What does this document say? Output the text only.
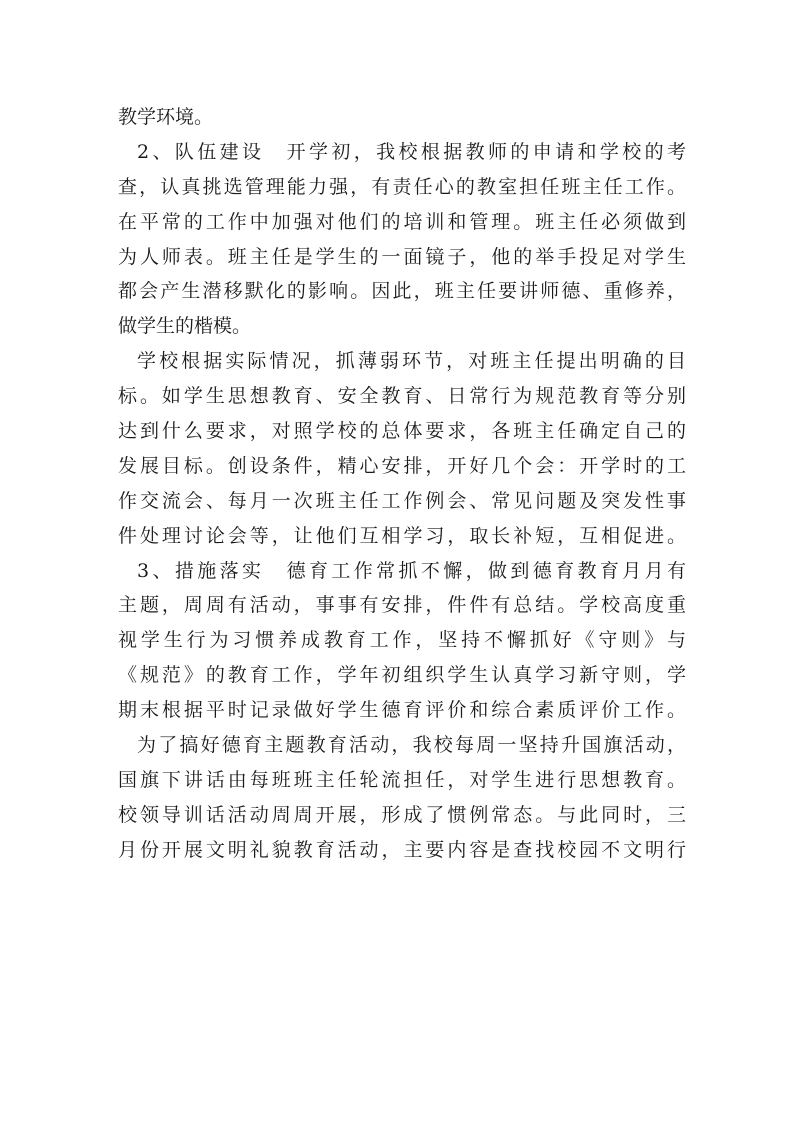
教学环境。
2、队伍建设　开学初，我校根据教师的申请和学校的考
查，认真挑选管理能力强，有责任心的教室担任班主任工作。
在平常的工作中加强对他们的培训和管理。班主任必须做到
为人师表。班主任是学生的一面镜子，他的举手投足对学生
都会产生潜移默化的影响。因此，班主任要讲师德、重修养，
做学生的楷模。
学校根据实际情况，抓薄弱环节，对班主任提出明确的目
标。如学生思想教育、安全教育、日常行为规范教育等分别
达到什么要求，对照学校的总体要求，各班主任确定自己的
发展目标。创设条件，精心安排，开好几个会：开学时的工
作交流会、每月一次班主任工作例会、常见问题及突发性事
件处理讨论会等，让他们互相学习，取长补短，互相促进。
3、措施落实　德育工作常抓不懈，做到德育教育月月有
主题，周周有活动，事事有安排，件件有总结。学校高度重
视学生行为习惯养成教育工作，坚持不懈抓好《守则》与
《规范》的教育工作，学年初组织学生认真学习新守则，学
期末根据平时记录做好学生德育评价和综合素质评价工作。
为了搞好德育主题教育活动，我校每周一坚持升国旗活动，
国旗下讲话由每班班主任轮流担任，对学生进行思想教育。
校领导训话活动周周开展，形成了惯例常态。与此同时，三
月份开展文明礼貌教育活动，主要内容是查找校园不文明行
